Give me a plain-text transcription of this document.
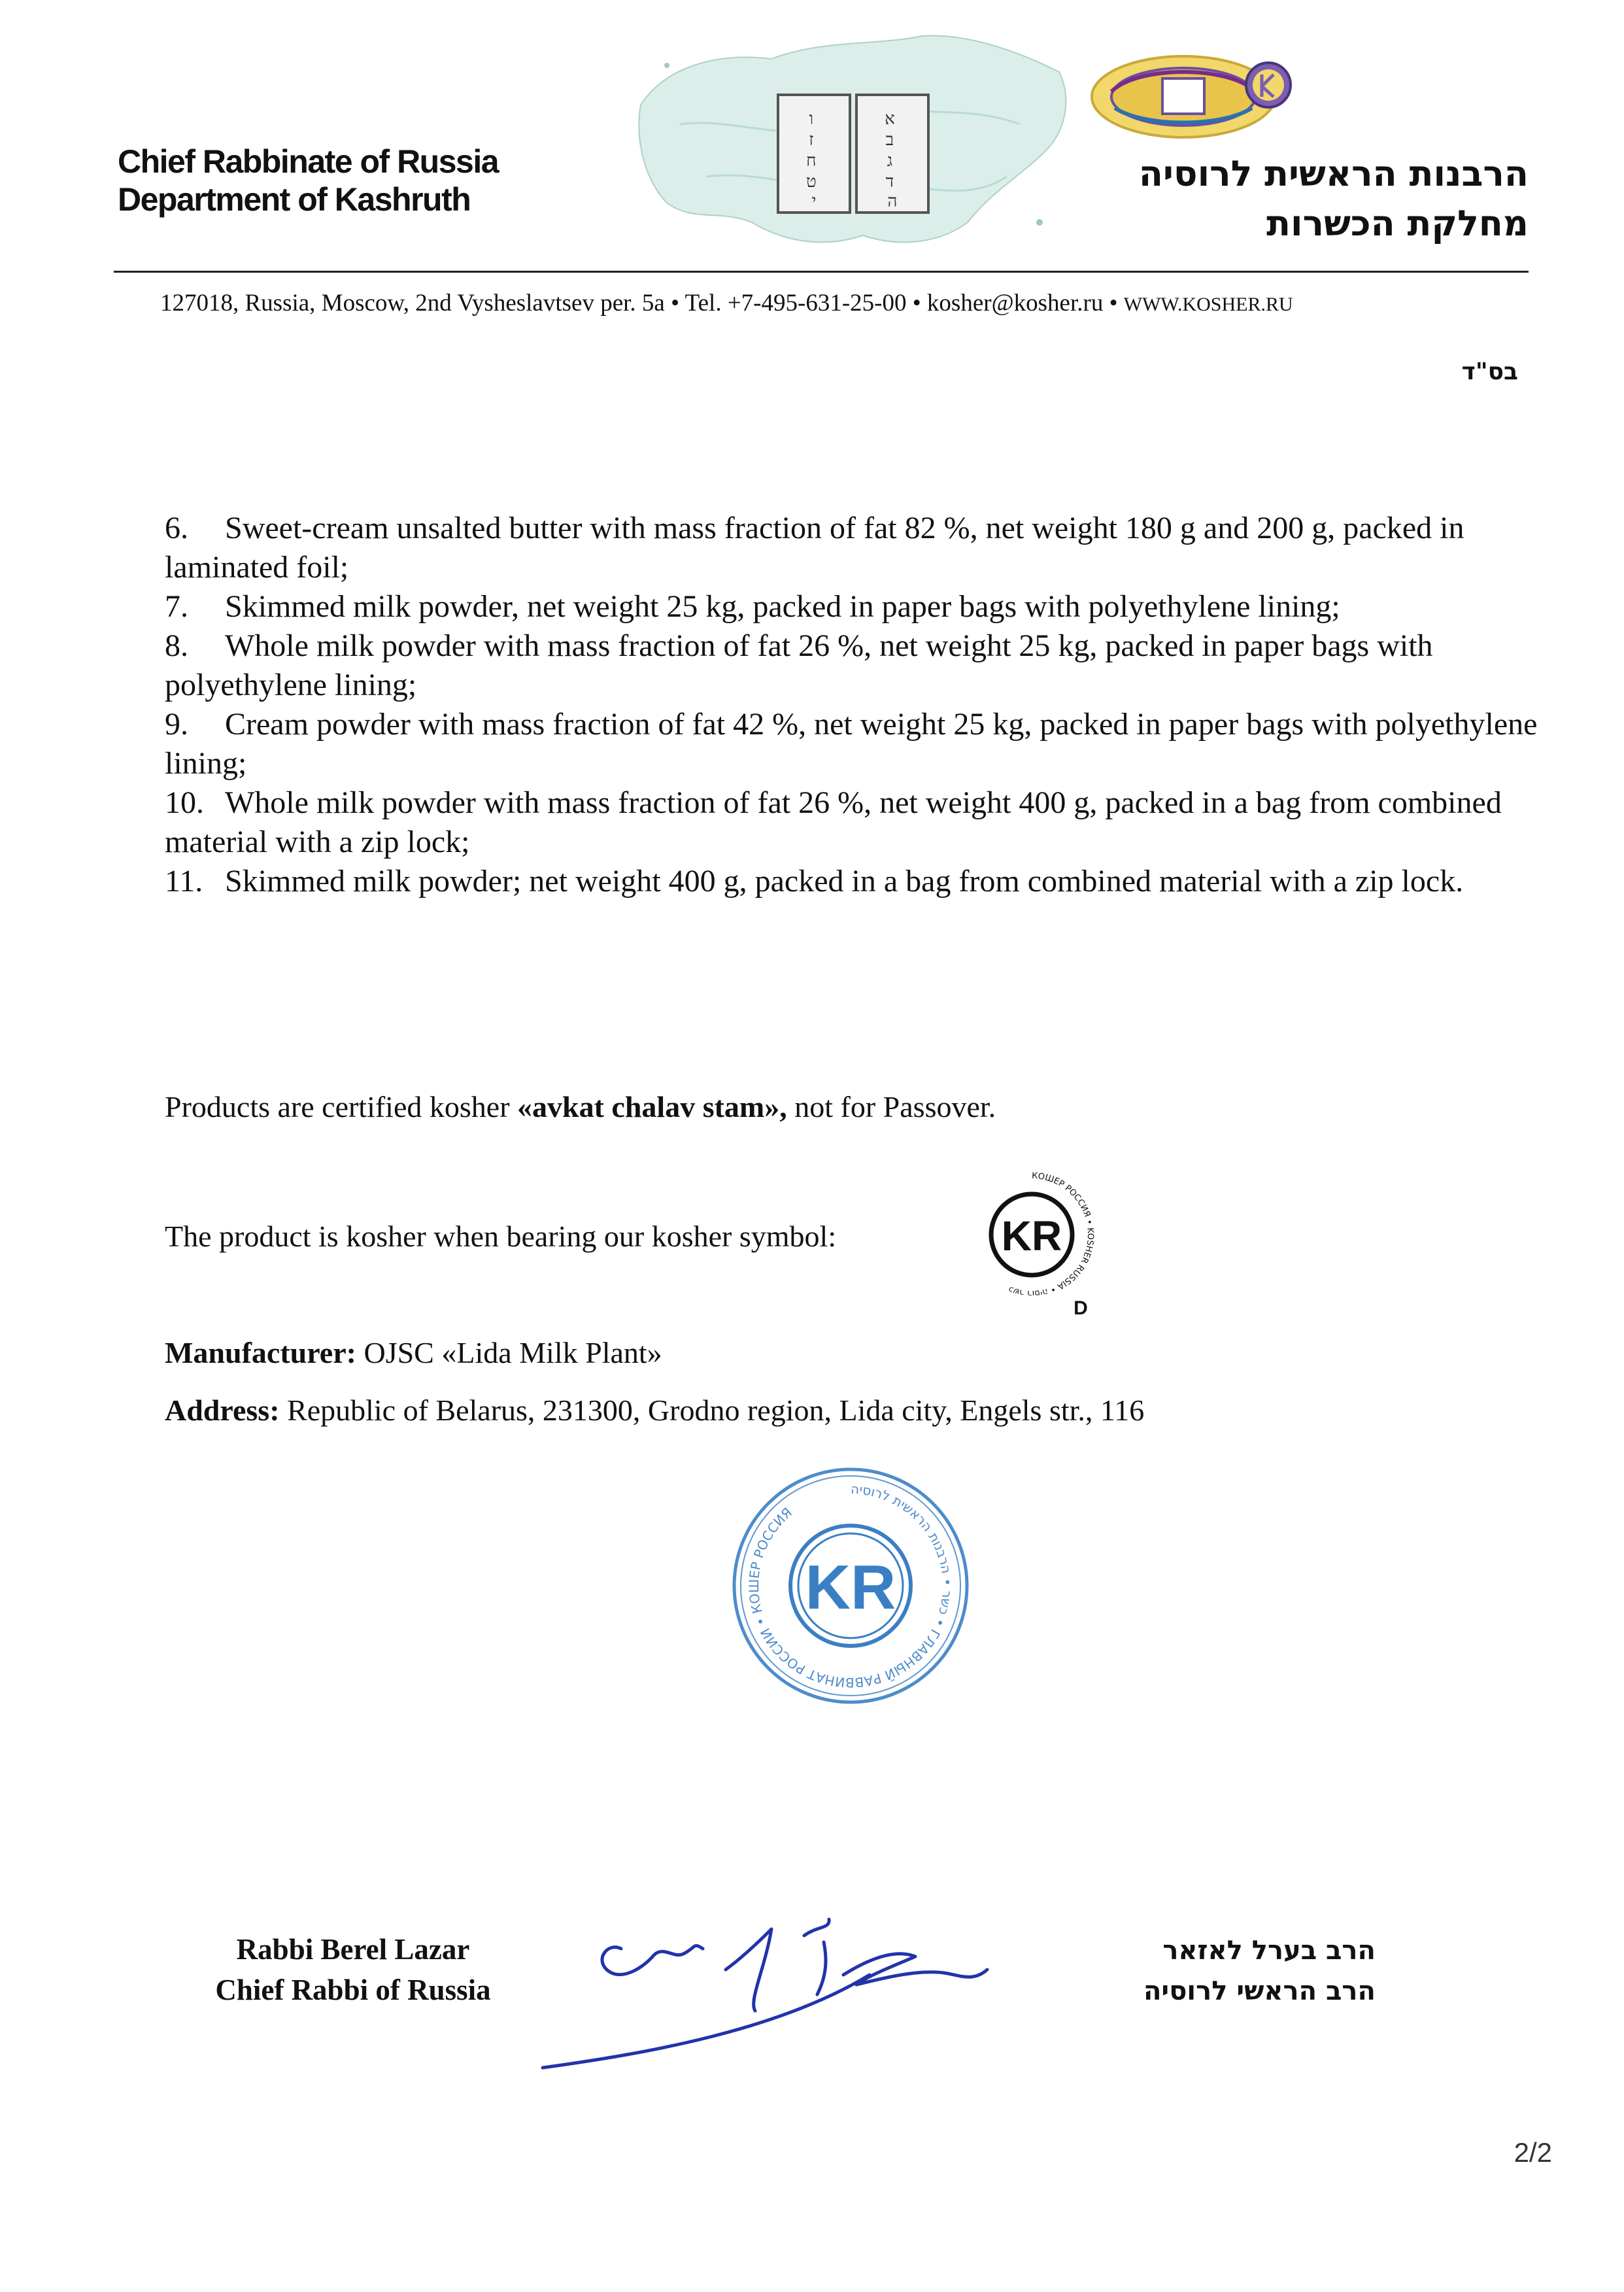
Chief Rabbinate of Russia
Department of Kashruth
הרבנות הראשית לרוסיה
מחלקת הכשרות
ו ז ח ט י
א ב ג ד ה
127018, Russia, Moscow, 2nd Vysheslavtsev per. 5a • Tel. +7-495-631-25-00 • kosher@kosher.ru • WWW.KOSHER.RU
בס"ד
6. Sweet-cream unsalted butter with mass fraction of fat 82 %, net weight 180 g and 200 g, packed in laminated foil;
7. Skimmed milk powder, net weight 25 kg, packed in paper bags with polyethylene lining;
8. Whole milk powder with mass fraction of fat 26 %, net weight 25 kg, packed in paper bags with polyethylene lining;
9. Cream powder with mass fraction of fat 42 %, net weight 25 kg, packed in paper bags with polyethylene lining;
10. Whole milk powder with mass fraction of fat 26 %, net weight 400 g, packed in a bag from combined material with a zip lock;
11. Skimmed milk powder; net weight 400 g, packed in a bag from combined material with a zip lock.
Products are certified kosher «avkat chalav stam», not for Passover.
The product is kosher when bearing our kosher symbol:
КОШЕР РОССИЯ • KOSHER RUSSIA • כשר רוסיה
KR
D
Manufacturer: OJSC «Lida Milk Plant»
Address: Republic of Belarus, 231300, Grodno region, Lida city, Engels str., 116
כשר • הרבנות הראשית לרוסיה • ГЛАВНЫЙ РАВВИНАТ РОССИИ • КОШЕР РОССИЯ
KR
Rabbi Berel Lazar
Chief Rabbi of Russia
הרב בערל לאזאר
הרב הראשי לרוסיה
2/2
